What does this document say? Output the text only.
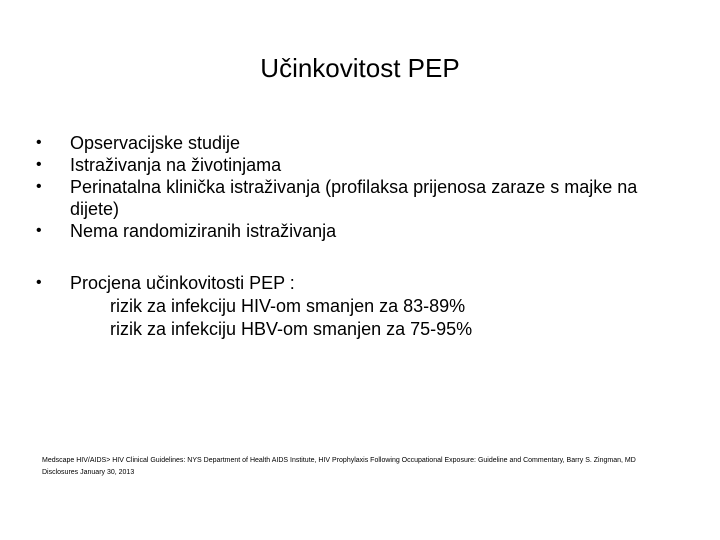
Učinkovitost PEP
•	Opservacijske studije
•	Istraživanja na životinjama
•	Perinatalna klinička istraživanja (profilaksa prijenosa zaraze s majke na dijete)
•	Nema randomiziranih istraživanja
•	Procjena učinkovitosti PEP :
rizik za infekciju HIV-om smanjen za 83-89%
rizik za infekciju HBV-om smanjen za 75-95%
Medscape HIV/AIDS> HIV Clinical Guidelines: NYS Department of Health AIDS Institute, HIV Prophylaxis Following Occupational Exposure: Guideline and Commentary, Barry S. Zingman, MD
Disclosures January 30, 2013
